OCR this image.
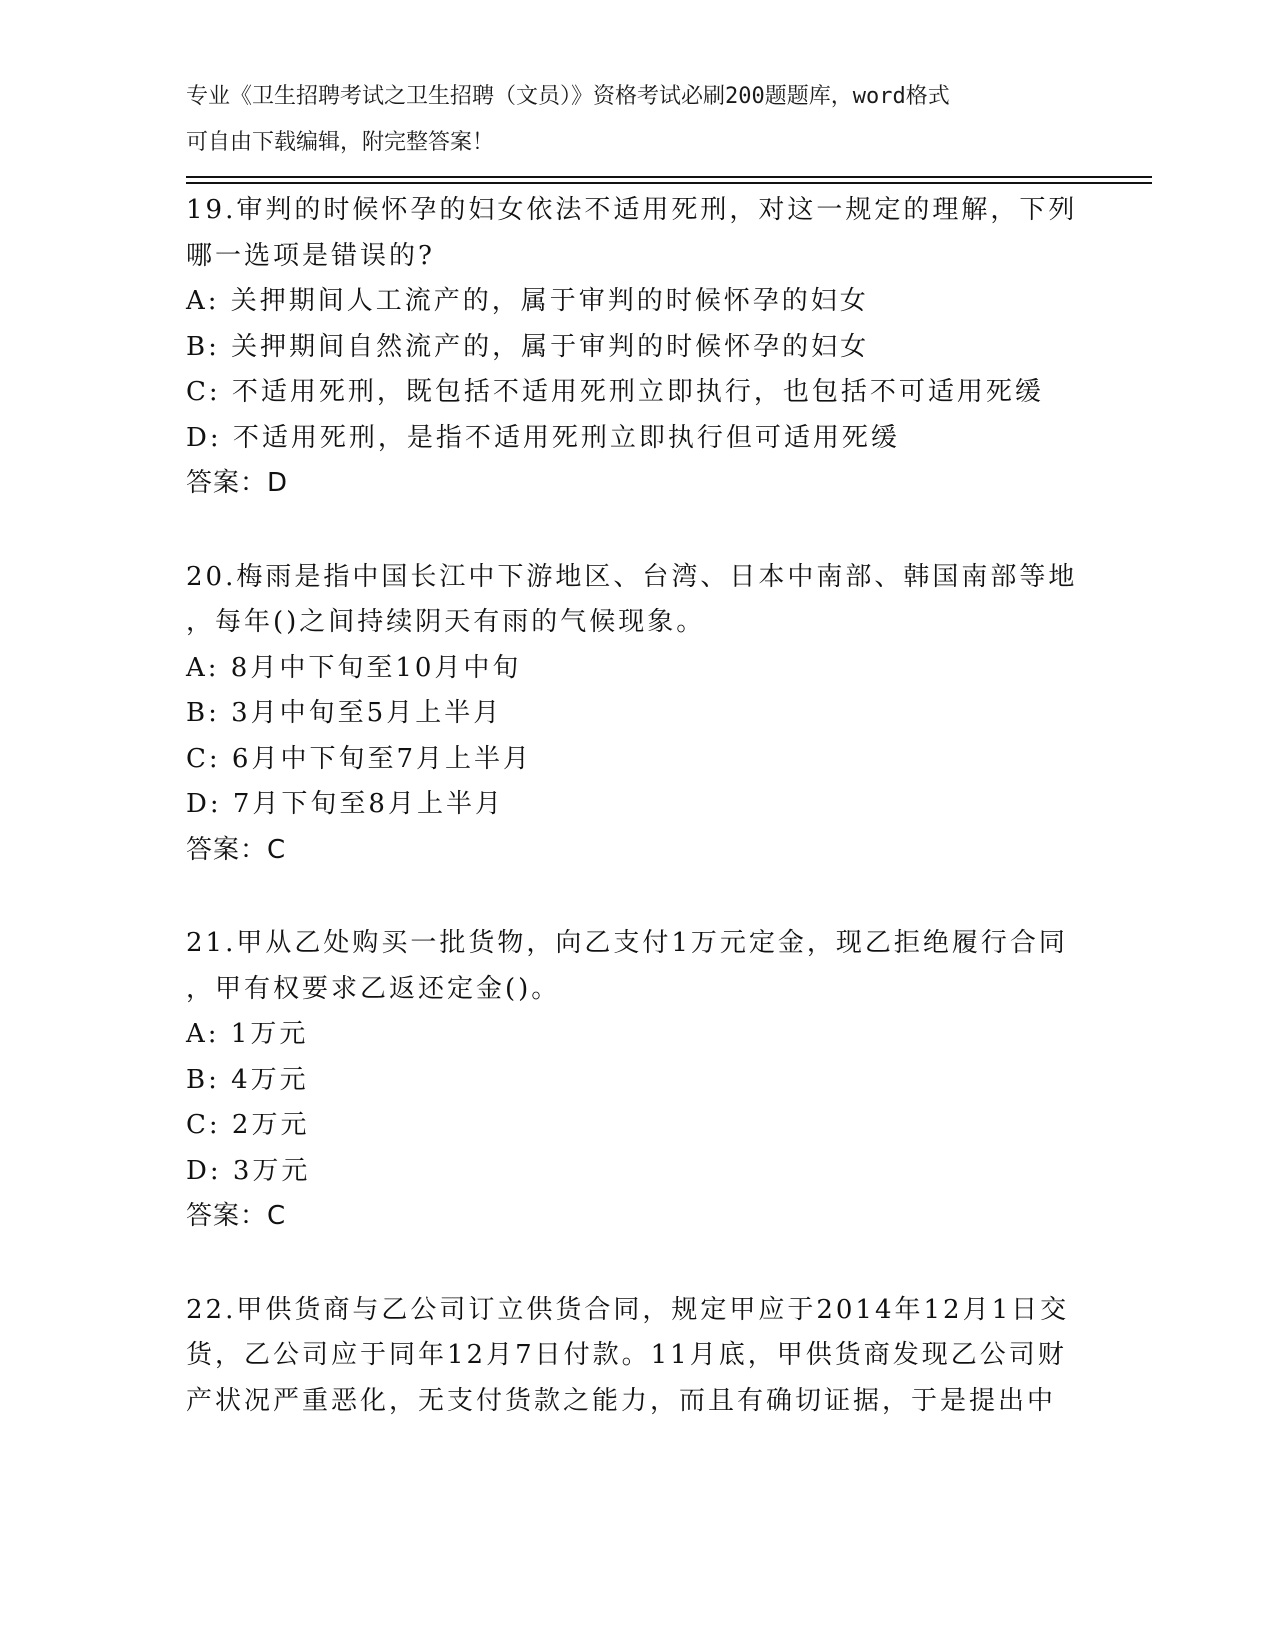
专业《卫生招聘考试之卫生招聘（文员）》资格考试必刷200题题库，word格式
可自由下载编辑，附完整答案！
19.审判的时候怀孕的妇女依法不适用死刑，对这一规定的理解，下列
哪一选项是错误的?
A: 关押期间人工流产的，属于审判的时候怀孕的妇女
B: 关押期间自然流产的，属于审判的时候怀孕的妇女
C: 不适用死刑，既包括不适用死刑立即执行，也包括不可适用死缓
D: 不适用死刑，是指不适用死刑立即执行但可适用死缓
答案：D
20.梅雨是指中国长江中下游地区、台湾、日本中南部、韩国南部等地
，每年()之间持续阴天有雨的气候现象。
A: 8月中下旬至10月中旬
B: 3月中旬至5月上半月
C: 6月中下旬至7月上半月
D: 7月下旬至8月上半月
答案：C
21.甲从乙处购买一批货物，向乙支付1万元定金，现乙拒绝履行合同
，甲有权要求乙返还定金()。
A: 1万元
B: 4万元
C: 2万元
D: 3万元
答案：C
22.甲供货商与乙公司订立供货合同，规定甲应于2014年12月1日交
货，乙公司应于同年12月7日付款。11月底，甲供货商发现乙公司财
产状况严重恶化，无支付货款之能力，而且有确切证据，于是提出中
